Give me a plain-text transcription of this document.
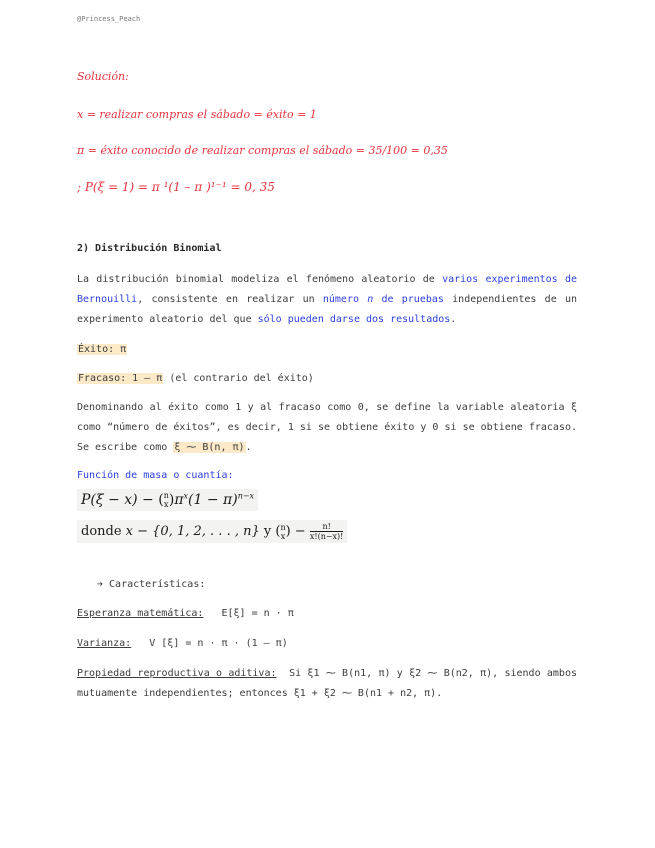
@Princess_Peach
Solución:
x = realizar compras el sábado = éxito = 1
π = éxito conocido de realizar compras el sábado = 35/100 = 0,35
; P(ξ = 1) = π ¹(1 – π )¹⁻¹ = 0, 35
2) Distribución Binomial
La distribución binomial modeliza el fenómeno aleatorio de varios experimentos de Bernouilli, consistente en realizar un número n de pruebas independientes de un experimento aleatorio del que sólo pueden darse dos resultados.
Éxito: π
Fracaso: 1 – π (el contrario del éxito)
Denominando al éxito como 1 y al fracaso como 0, se define la variable aleatoria ξ como “número de éxitos”, es decir, 1 si se obtiene éxito y 0 si se obtiene fracaso. Se escribe como ξ ⁓ B(n, π).
Función de masa o cuantía:
P(ξ − x) − ( n
x )$\pi^x(1 - \pi)^{n-x}$
donde x − {0, 1, 2, . . . , n} y ( n
x ) − $\frac{n!}{x!(n-x)!}$
➔ Características:
Esperanza matemática: E[ξ] = n · π
Varianza: V [ξ] = n · π · (1 – π)
Propiedad reproductiva o aditiva: Si ξ1 ⁓ B(n1, π) y ξ2 ⁓ B(n2, π), siendo ambos mutuamente independientes; entonces ξ1 + ξ2 ⁓ B(n1 + n2, π).
